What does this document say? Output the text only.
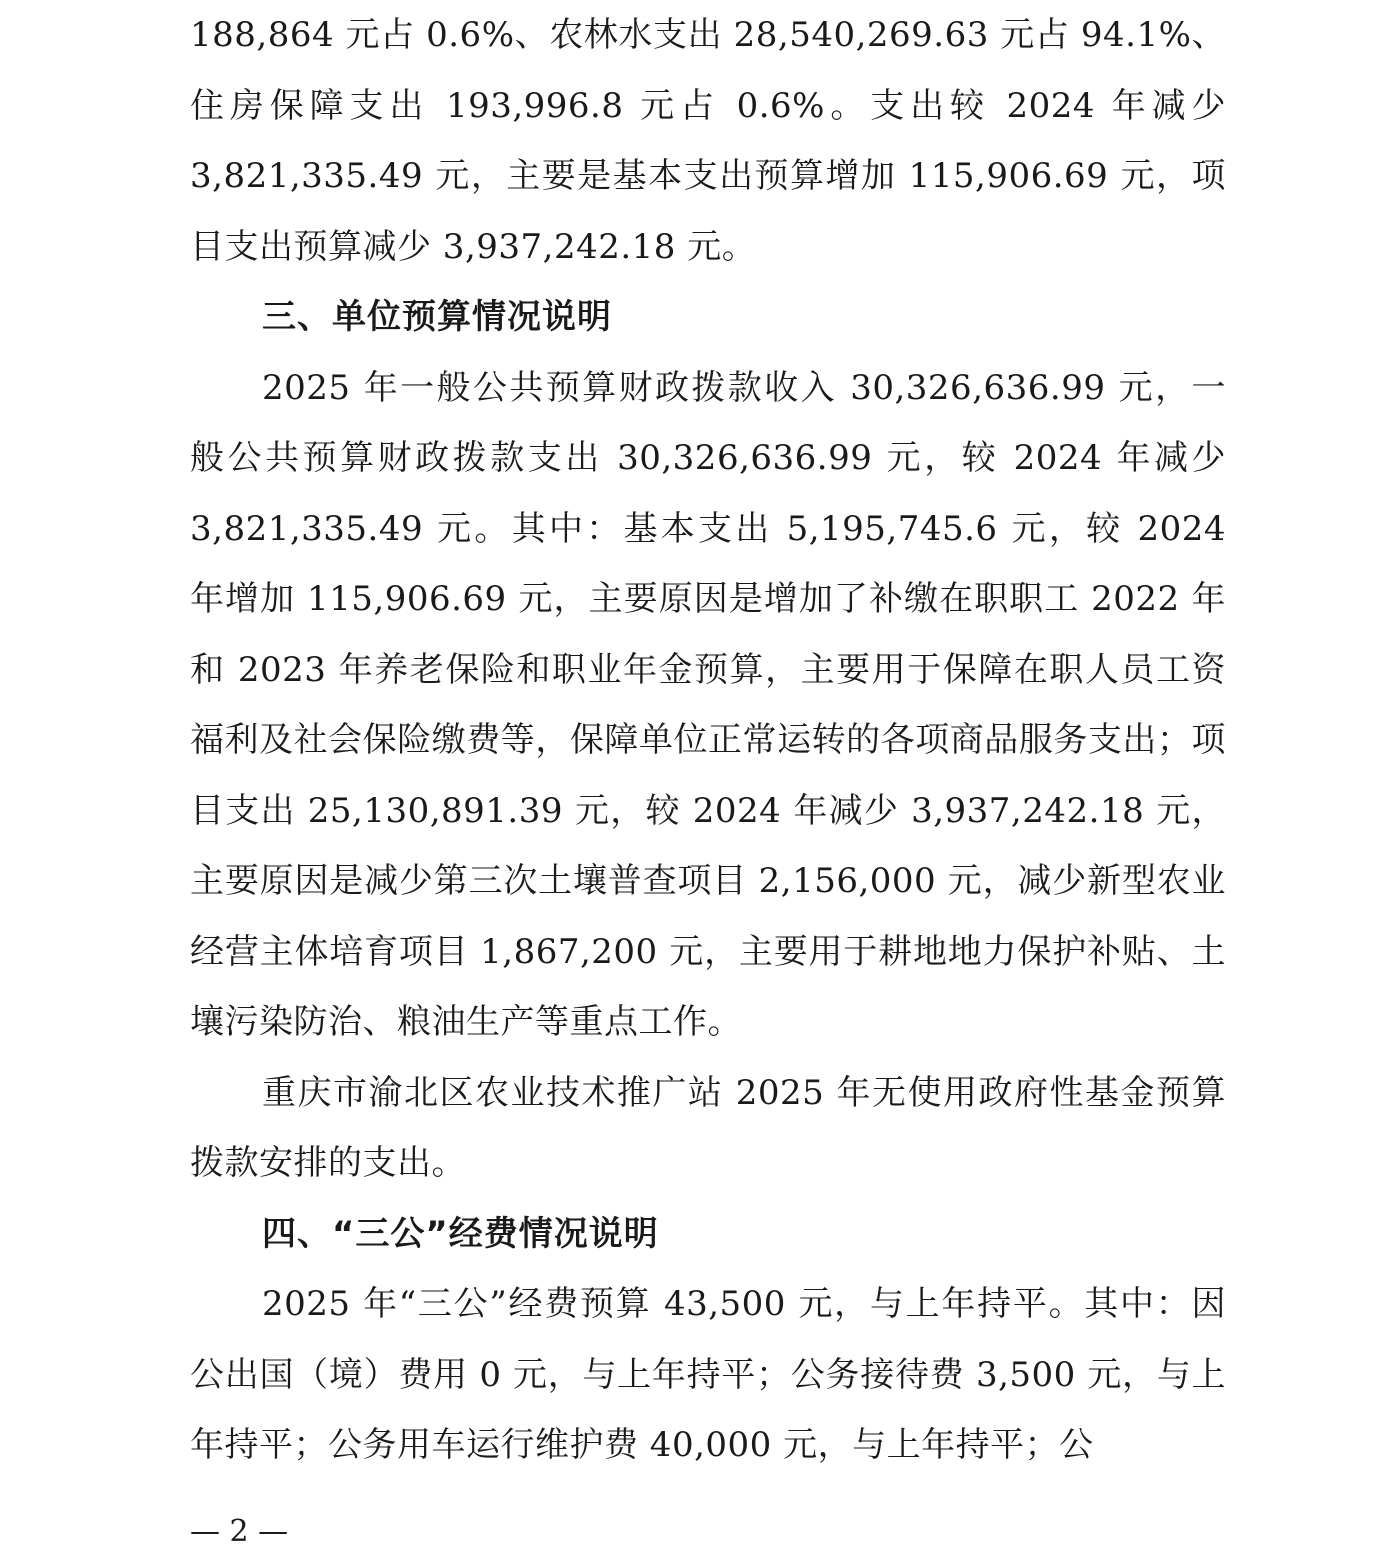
188,864 元占 0.6%、农林水支出 28,540,269.63 元占 94.1%、住房保障支出 193,996.8 元占 0.6%。支出较 2024 年减少 3,821,335.49 元，主要是基本支出预算增加 115,906.69 元，项目支出预算减少 3,937,242.18 元。

三、单位预算情况说明

2025 年一般公共预算财政拨款收入 30,326,636.99 元，一般公共预算财政拨款支出 30,326,636.99 元，较 2024 年减少 3,821,335.49 元。其中：基本支出 5,195,745.6 元，较 2024 年增加 115,906.69 元，主要原因是增加了补缴在职职工 2022 年和 2023 年养老保险和职业年金预算，主要用于保障在职人员工资福利及社会保险缴费等，保障单位正常运转的各项商品服务支出；项目支出 25,130,891.39 元，较 2024 年减少 3,937,242.18 元，主要原因是减少第三次土壤普查项目 2,156,000 元，减少新型农业经营主体培育项目 1,867,200 元，主要用于耕地地力保护补贴、土壤污染防治、粮油生产等重点工作。

重庆市渝北区农业技术推广站 2025 年无使用政府性基金预算拨款安排的支出。

四、“三公”经费情况说明

2025 年“三公”经费预算 43,500 元，与上年持平。其中：因公出国（境）费用 0 元，与上年持平；公务接待费 3,500 元，与上年持平；公务用车运行维护费 40,000 元，与上年持平；公

— 2 —
